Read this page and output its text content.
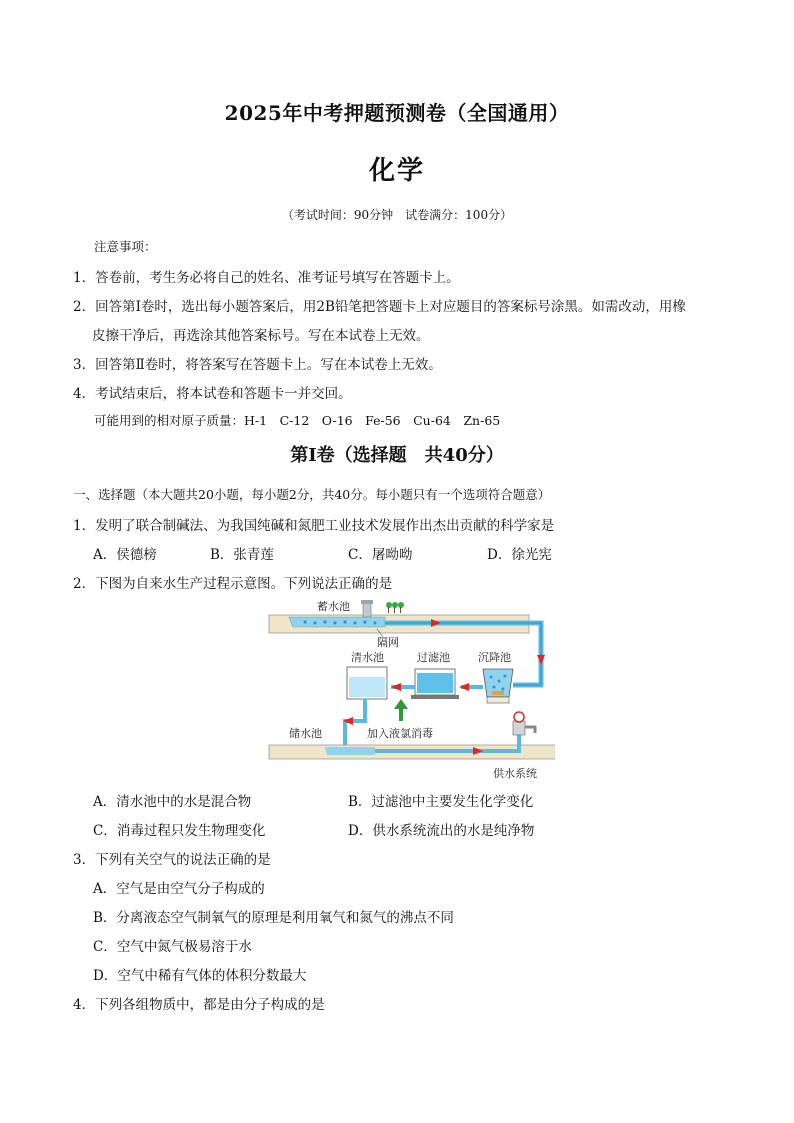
2025年中考押题预测卷（全国通用）
化学
（考试时间：90分钟　试卷满分：100分）
注意事项：
1．答卷前，考生务必将自己的姓名、准考证号填写在答题卡上。
2．回答第Ⅰ卷时，选出每小题答案后，用2B铅笔把答题卡上对应题目的答案标号涂黑。如需改动，用橡
皮擦干净后，再选涂其他答案标号。写在本试卷上无效。
3．回答第Ⅱ卷时，将答案写在答题卡上。写在本试卷上无效。
4．考试结束后，将本试卷和答题卡一并交回。
可能用到的相对原子质量：H-1　C-12　O-16　Fe-56　Cu-64　Zn-65
第Ⅰ卷（选择题　共40分）
一、选择题（本大题共20小题，每小题2分，共40分。每小题只有一个选项符合题意）
1．发明了联合制碱法、为我国纯碱和氮肥工业技术发展作出杰出贡献的科学家是
A．侯德榜	B．张青莲	C．屠呦呦	D．徐光宪
2．下图为自来水生产过程示意图。下列说法正确的是
蓄水池
隔网
清水池	过滤池	沉降池
储水池	加入液氯消毒
供水系统
A．清水池中的水是混合物	B．过滤池中主要发生化学变化
C．消毒过程只发生物理变化	D．供水系统流出的水是纯净物
3．下列有关空气的说法正确的是
A．空气是由空气分子构成的
B．分离液态空气制氧气的原理是利用氧气和氮气的沸点不同
C．空气中氮气极易溶于水
D．空气中稀有气体的体积分数最大
4．下列各组物质中，都是由分子构成的是
